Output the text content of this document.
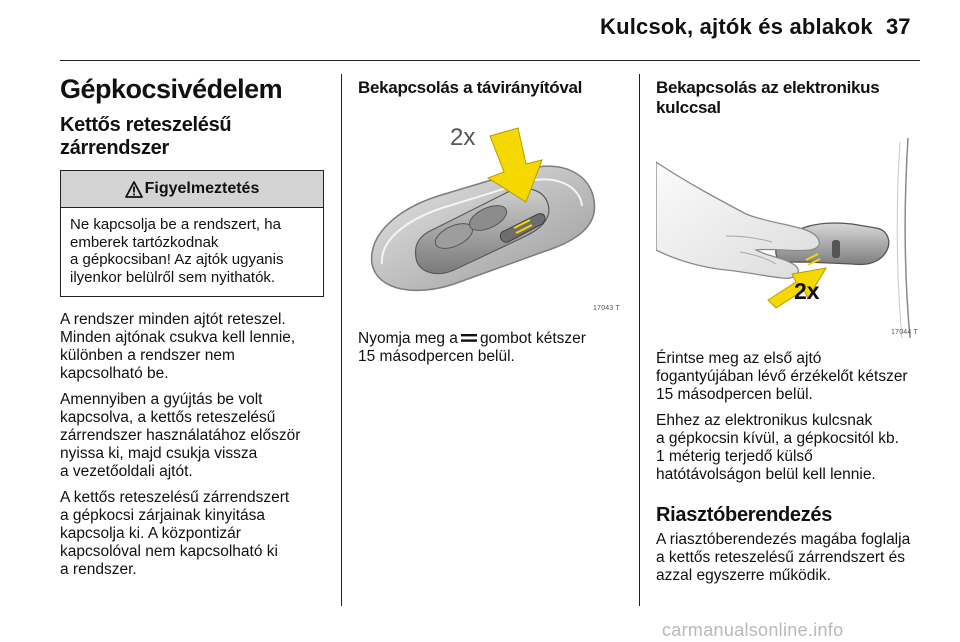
Kulcsok, ajtók és ablakok 37
Gépkocsivédelem
Kettős reteszelésű
zárrendszer
Figyelmeztetés
Ne kapcsolja be a rendszert, ha
emberek tartózkodnak
a gépkocsiban! Az ajtók ugyanis
ilyenkor belülről sem nyithatók.

A rendszer minden ajtót reteszel.
Minden ajtónak csukva kell lennie,
különben a rendszer nem
kapcsolható be.

Amennyiben a gyújtás be volt
kapcsolva, a kettős reteszelésű
zárrendszer használatához először
nyissa ki, majd csukja vissza
a vezetőoldali ajtót.

A kettős reteszelésű zárrendszert
a gépkocsi zárjainak kinyitása
kapcsolja ki. A központizár
kapcsolóval nem kapcsolható ki
a rendszer.

Bekapcsolás a távirányítóval
2x
17043 T

Nyomja meg a gombot kétszer
15 másodpercen belül.

Bekapcsolás az elektronikus
kulccsal
2x
17044 T

Érintse meg az első ajtó
fogantyújában lévő érzékelőt kétszer
15 másodpercen belül.

Ehhez az elektronikus kulcsnak
a gépkocsin kívül, a gépkocsitól kb.
1 méterig terjedő külső
hatótávolságon belül kell lennie.

Riasztóberendezés

A riasztóberendezés magába foglalja
a kettős reteszelésű zárrendszert és
azzal egyszerre működik.

carmanualsonline.info
